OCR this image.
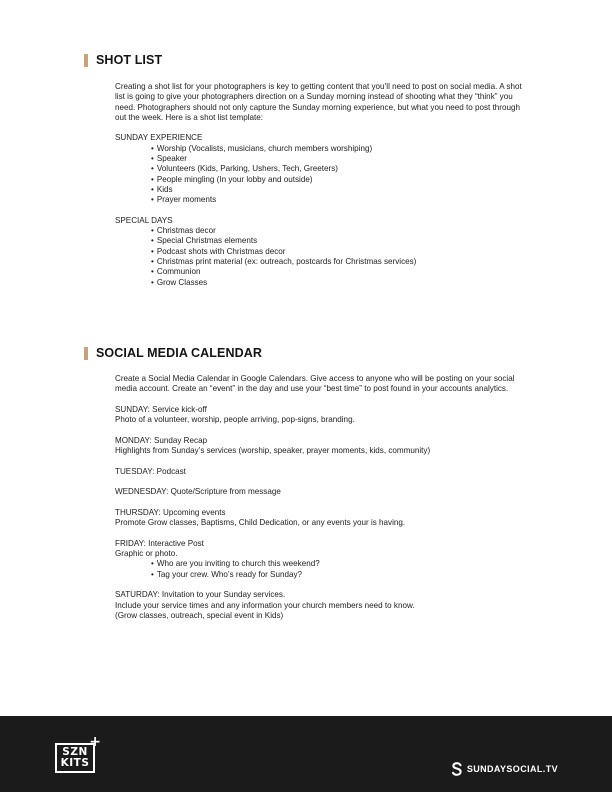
SHOT LIST

Creating a shot list for your photographers is key to getting content that you’ll need to post on social media. A shot list is going to give your photographers direction on a Sunday morning instead of shooting what they “think” you need. Photographers should not only capture the Sunday morning experience, but what you need to post through out the week. Here is a shot list template:

SUNDAY EXPERIENCE

• Worship (Vocalists, musicians, church members worshiping)
• Speaker
• Volunteers (Kids, Parking, Ushers, Tech, Greeters)
• People mingling (In your lobby and outside)
• Kids
• Prayer moments

SPECIAL DAYS

• Christmas decor
• Special Christmas elements
• Podcast shots with Christmas decor
• Christmas print material (ex: outreach, postcards for Christmas services)
• Communion
• Grow Classes
SOCIAL MEDIA CALENDAR

Create a Social Media Calendar in Google Calendars. Give access to anyone who will be posting on your social media account. Create an “event” in the day and use your “best time” to post found in your accounts analytics.

SUNDAY: Service kick-off

Photo of a volunteer, worship, people arriving, pop-signs, branding.

MONDAY: Sunday Recap

Highlights from Sunday’s services (worship, speaker, prayer moments, kids, community)

TUESDAY: Podcast

WEDNESDAY: Quote/Scripture from message

THURSDAY: Upcoming events

Promote Grow classes, Baptisms, Child Dedication, or any events your is having.

FRIDAY: Interactive Post

Graphic or photo.

• Who are you inviting to church this weekend?
• Tag your crew. Who’s ready for Sunday?

SATURDAY: Invitation to your Sunday services.

Include your service times and any information your church members need to know.

(Grow classes, outreach, special event in Kids)

SZN
KITS
+
SUNDAYSOCIAL.TV
